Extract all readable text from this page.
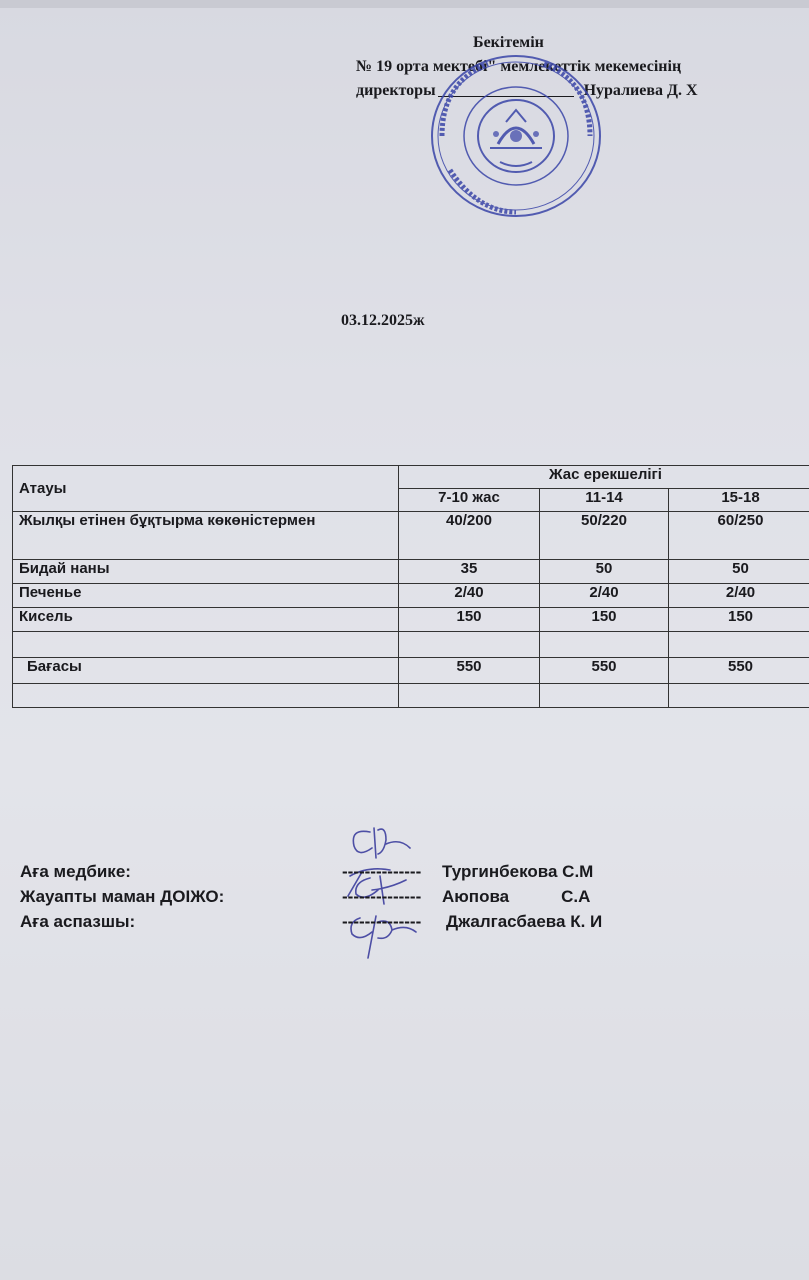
Бекітемін
№ 19 орта мектебі" мемлекеттік мекемесінің
директоры	Нуралиева Д. Х
03.12.2025ж
Атауы	Жас ерекшелігі		
	7-10 жас	11-14	15-18
Жылқы етінен бұқтырма көкөністермен	40/200	50/220	60/250
Бидай наны	35	50	50
Печенье	2/40	2/40	2/40
Кисель	150	150	150

Бағасы	550	550	550

Аға медбике:	-------------- Тургинбекова С.М
Жауапты маман ДОІЖО:	-------------- Аюпова           С.А
Аға аспазшы:	-------------- Джалгасбаева К. И
